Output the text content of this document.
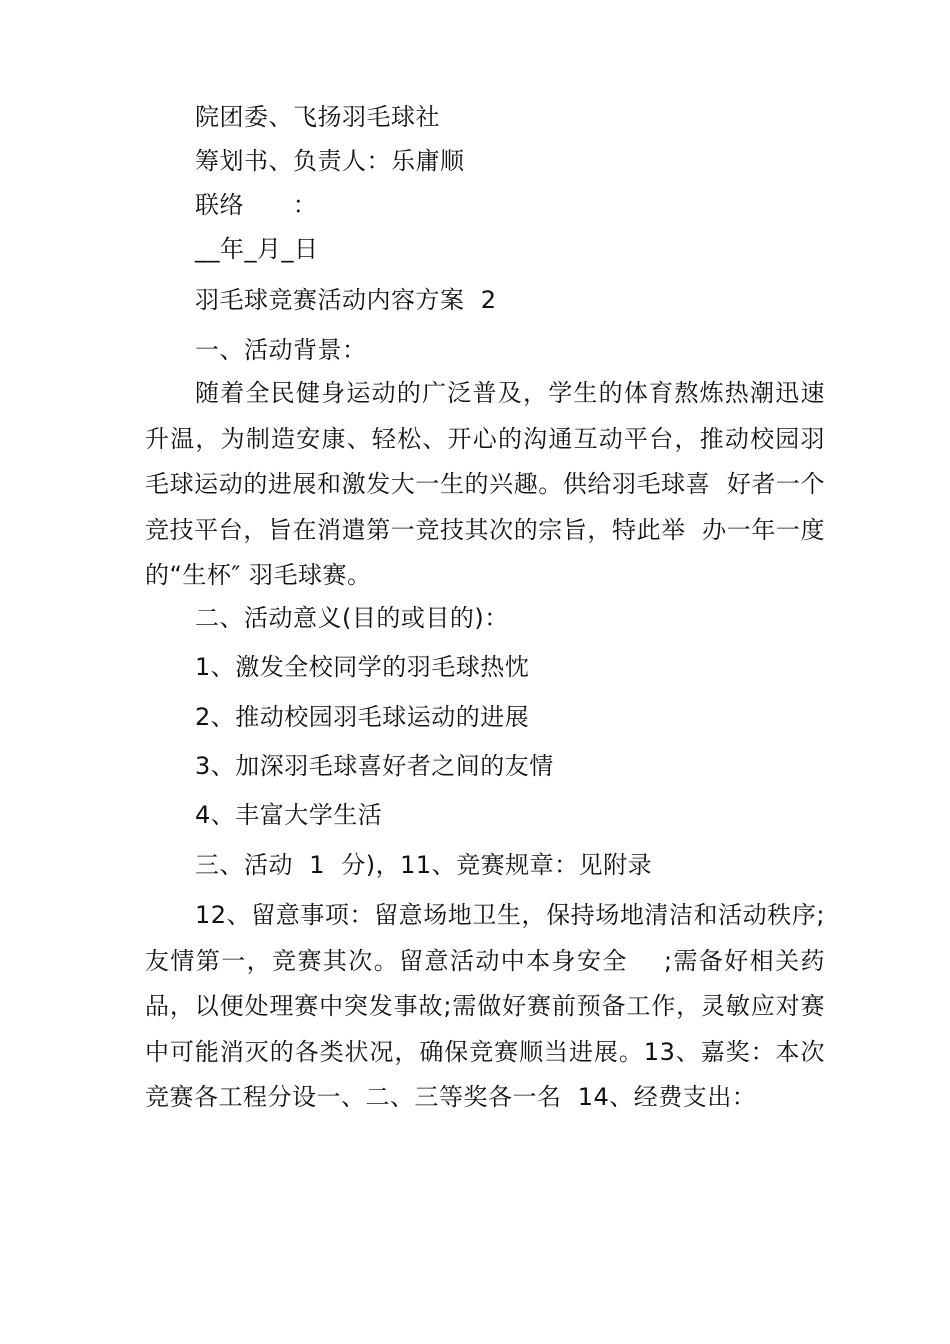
院团委、飞扬羽毛球社
筹划书、负责人：乐庸顺
联络      ：
__年_月_日
羽毛球竞赛活动内容方案  2
一、活动背景：
随着全民健身运动的广泛普及，学生的体育熬炼热潮迅速升温，为制造安康、轻松、开心的沟通互动平台，推动校园羽毛球运动的进展和激发大一生的兴趣。供给羽毛球喜  好者一个竞技平台，旨在消遣第一竞技其次的宗旨，特此举  办一年一度的“生杯″ 羽毛球赛。
二、活动意义(目的或目的)：
1、激发全校同学的羽毛球热忱
2、推动校园羽毛球运动的进展
3、加深羽毛球喜好者之间的友情
4、丰富大学生活
三、活动  1  分)，11、竞赛规章：见附录
12、留意事项：留意场地卫生，保持场地清洁和活动秩序;友情第一，竞赛其次。留意活动中本身安全    ;需备好相关药品，以便处理赛中突发事故;需做好赛前预备工作，灵敏应对赛中可能消灭的各类状况，确保竞赛顺当进展。13、嘉奖：本次竞赛各工程分设一、二、三等奖各一名  14、经费支出：
